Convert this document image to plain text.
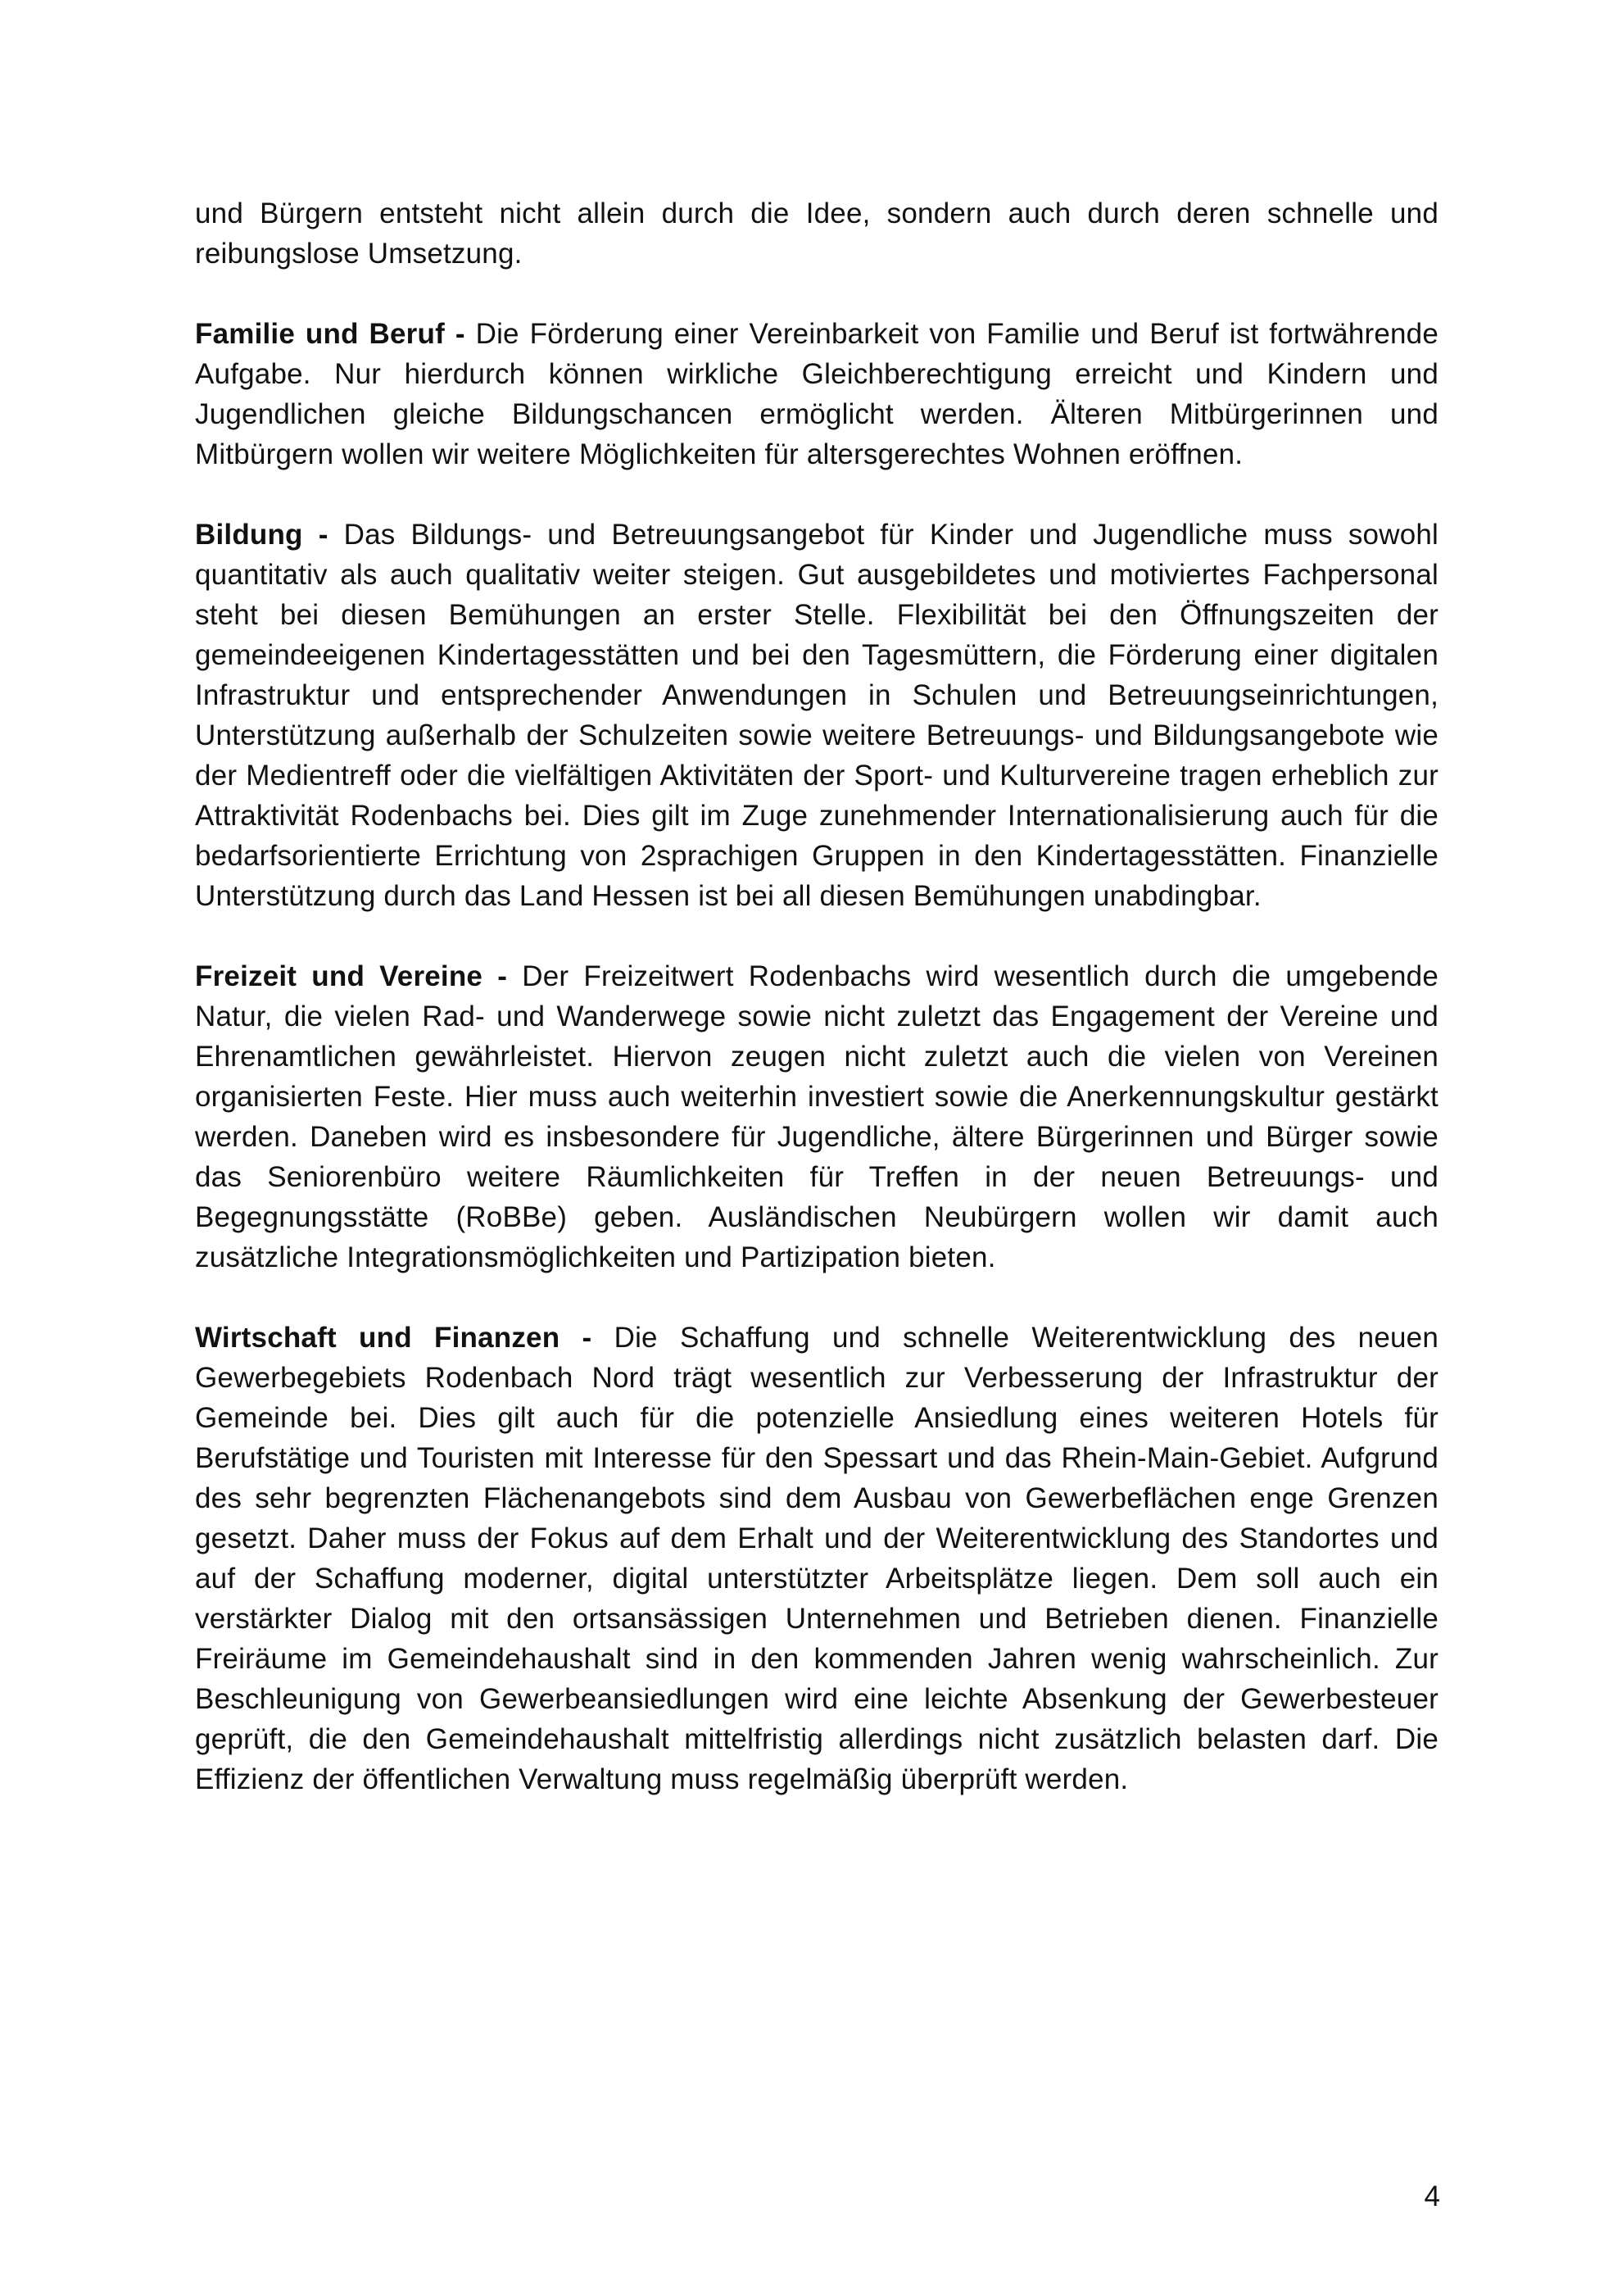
und Bürgern entsteht nicht allein durch die Idee, sondern auch durch deren schnelle und reibungslose Umsetzung.

Familie und Beruf - Die Förderung einer Vereinbarkeit von Familie und Beruf ist fortwährende Aufgabe. Nur hierdurch können wirkliche Gleichberechtigung erreicht und Kindern und Jugendlichen gleiche Bildungschancen ermöglicht werden. Älteren Mitbürgerinnen und Mitbürgern wollen wir weitere Möglichkeiten für altersgerechtes Wohnen eröffnen.

Bildung - Das Bildungs- und Betreuungsangebot für Kinder und Jugendliche muss sowohl quantitativ als auch qualitativ weiter steigen. Gut ausgebildetes und motiviertes Fachpersonal steht bei diesen Bemühungen an erster Stelle. Flexibilität bei den Öffnungszeiten der gemeindeeigenen Kindertagesstätten und bei den Tagesmüttern, die Förderung einer digitalen Infrastruktur und entsprechender Anwendungen in Schulen und Betreuungseinrichtungen, Unterstützung außerhalb der Schulzeiten sowie weitere Betreuungs- und Bildungsangebote wie der Medientreff oder die vielfältigen Aktivitäten der Sport- und Kulturvereine tragen erheblich zur Attraktivität Rodenbachs bei. Dies gilt im Zuge zunehmender Internationalisierung auch für die bedarfsorientierte Errichtung von 2sprachigen Gruppen in den Kindertagesstätten. Finanzielle Unterstützung durch das Land Hessen ist bei all diesen Bemühungen unabdingbar.

Freizeit und Vereine - Der Freizeitwert Rodenbachs wird wesentlich durch die umgebende Natur, die vielen Rad- und Wanderwege sowie nicht zuletzt das Engagement der Vereine und Ehrenamtlichen gewährleistet. Hiervon zeugen nicht zuletzt auch die vielen von Vereinen organisierten Feste. Hier muss auch weiterhin investiert sowie die Anerkennungskultur gestärkt werden. Daneben wird es insbesondere für Jugendliche, ältere Bürgerinnen und Bürger sowie das Seniorenbüro weitere Räumlichkeiten für Treffen in der neuen Betreuungs- und Begegnungsstätte (RoBBe) geben. Ausländischen Neubürgern wollen wir damit auch zusätzliche Integrationsmöglichkeiten und Partizipation bieten.

Wirtschaft und Finanzen - Die Schaffung und schnelle Weiterentwicklung des neuen Gewerbegebiets Rodenbach Nord trägt wesentlich zur Verbesserung der Infrastruktur der Gemeinde bei. Dies gilt auch für die potenzielle Ansiedlung eines weiteren Hotels für Berufstätige und Touristen mit Interesse für den Spessart und das Rhein-Main-Gebiet. Aufgrund des sehr begrenzten Flächenangebots sind dem Ausbau von Gewerbeflächen enge Grenzen gesetzt. Daher muss der Fokus auf dem Erhalt und der Weiterentwicklung des Standortes und auf der Schaffung moderner, digital unterstützter Arbeitsplätze liegen. Dem soll auch ein verstärkter Dialog mit den ortsansässigen Unternehmen und Betrieben dienen. Finanzielle Freiräume im Gemeindehaushalt sind in den kommenden Jahren wenig wahrscheinlich. Zur Beschleunigung von Gewerbeansiedlungen wird eine leichte Absenkung der Gewerbesteuer geprüft, die den Gemeindehaushalt mittelfristig allerdings nicht zusätzlich belasten darf. Die Effizienz der öffentlichen Verwaltung muss regelmäßig überprüft werden.

4
